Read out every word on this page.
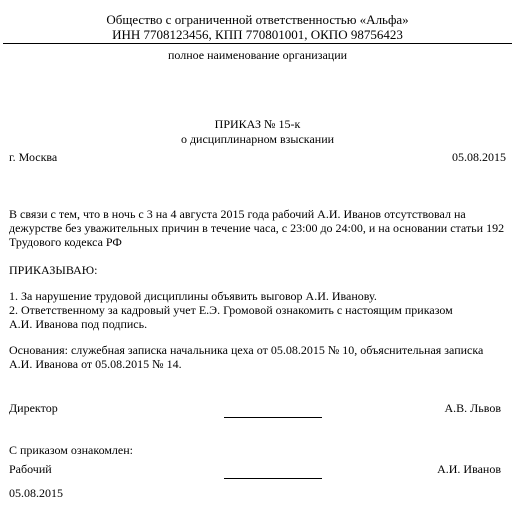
Общество с ограниченной ответственностью «Альфа»
ИНН 7708123456, КПП 770801001, ОКПО 98756423
полное наименование организации
ПРИКАЗ № 15-к
о дисциплинарном взыскании
г. Москва	05.08.2015
В связи с тем, что в ночь с 3 на 4 августа 2015 года рабочий А.И. Иванов отсутствовал на
дежурстве без уважительных причин в течение часа, с 23:00 до 24:00, и на основании статьи 192
Трудового кодекса РФ
ПРИКАЗЫВАЮ:
1. За нарушение трудовой дисциплины объявить выговор А.И. Иванову.
2. Ответственному за кадровый учет Е.Э. Громовой ознакомить с настоящим приказом
А.И. Иванова под подпись.
Основания: служебная записка начальника цеха от 05.08.2015 № 10, объяснительная записка
А.И. Иванова от 05.08.2015 № 14.
Директор	А.В. Львов
С приказом ознакомлен:
Рабочий	А.И. Иванов
05.08.2015
